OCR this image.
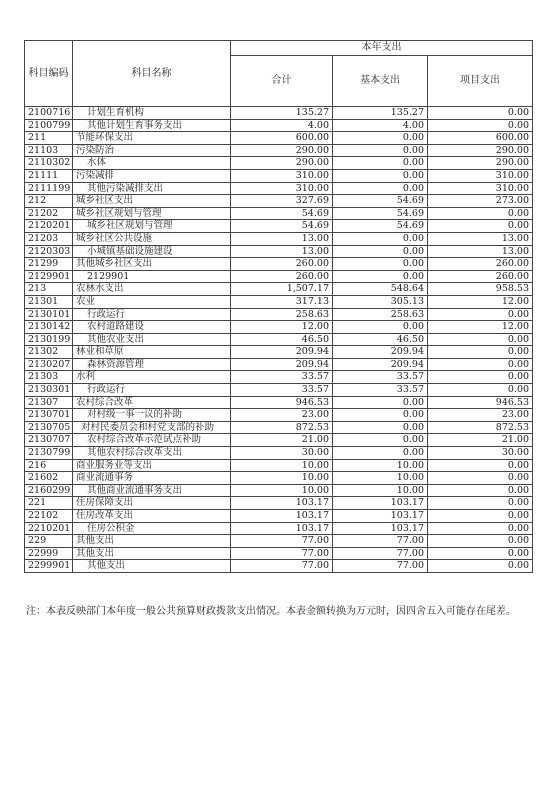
科目编码	科目名称	本年支出		
		合计	基本支出	项目支出
2100716	计划生育机构	135.27	135.27	0.00
2100799	其他计划生育事务支出	4.00	4.00	0.00
211	节能环保支出	600.00	0.00	600.00
21103	污染防治	290.00	0.00	290.00
2110302	水体	290.00	0.00	290.00
21111	污染减排	310.00	0.00	310.00
2111199	其他污染减排支出	310.00	0.00	310.00
212	城乡社区支出	327.69	54.69	273.00
21202	城乡社区规划与管理	54.69	54.69	0.00
2120201	城乡社区规划与管理	54.69	54.69	0.00
21203	城乡社区公共设施	13.00	0.00	13.00
2120303	小城镇基础设施建设	13.00	0.00	13.00
21299	其他城乡社区支出	260.00	0.00	260.00
2129901	2129901	260.00	0.00	260.00
213	农林水支出	1,507.17	548.64	958.53
21301	农业	317.13	305.13	12.00
2130101	行政运行	258.63	258.63	0.00
2130142	农村道路建设	12.00	0.00	12.00
2130199	其他农业支出	46.50	46.50	0.00
21302	林业和草原	209.94	209.94	0.00
2130207	森林资源管理	209.94	209.94	0.00
21303	水利	33.57	33.57	0.00
2130301	行政运行	33.57	33.57	0.00
21307	农村综合改革	946.53	0.00	946.53
2130701	对村级一事一议的补助	23.00	0.00	23.00
2130705	对村民委员会和村党支部的补助	872.53	0.00	872.53
2130707	农村综合改革示范试点补助	21.00	0.00	21.00
2130799	其他农村综合改革支出	30.00	0.00	30.00
216	商业服务业等支出	10.00	10.00	0.00
21602	商业流通事务	10.00	10.00	0.00
2160299	其他商业流通事务支出	10.00	10.00	0.00
221	住房保障支出	103.17	103.17	0.00
22102	住房改革支出	103.17	103.17	0.00
2210201	住房公积金	103.17	103.17	0.00
229	其他支出	77.00	77.00	0.00
22999	其他支出	77.00	77.00	0.00
2299901	其他支出	77.00	77.00	0.00
注：本表反映部门本年度一般公共预算财政拨款支出情况。本表金额转换为万元时，因四舍五入可能存在尾差。
